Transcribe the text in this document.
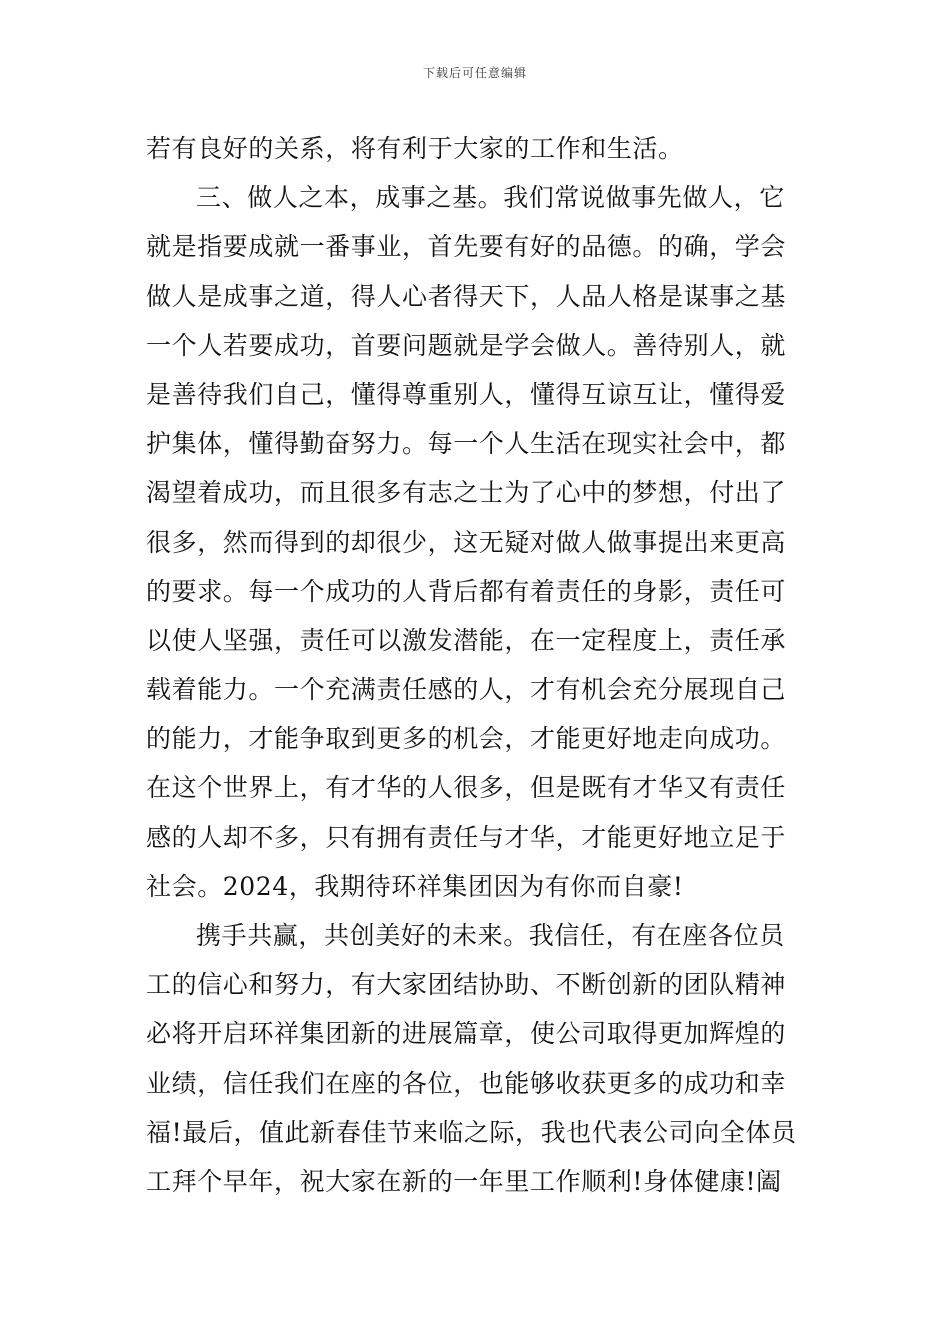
下载后可任意编辑
若有良好的关系，将有利于大家的工作和生活。
三、做人之本，成事之基。我们常说做事先做人，它
就是指要成就一番事业，首先要有好的品德。的确，学会
做人是成事之道，得人心者得天下，人品人格是谋事之基
一个人若要成功，首要问题就是学会做人。善待别人，就
是善待我们自己，懂得尊重别人，懂得互谅互让，懂得爱
护集体，懂得勤奋努力。每一个人生活在现实社会中，都
渴望着成功，而且很多有志之士为了心中的梦想，付出了
很多，然而得到的却很少，这无疑对做人做事提出来更高
的要求。每一个成功的人背后都有着责任的身影，责任可
以使人坚强，责任可以激发潜能，在一定程度上，责任承
载着能力。一个充满责任感的人，才有机会充分展现自己
的能力，才能争取到更多的机会，才能更好地走向成功。
在这个世界上，有才华的人很多，但是既有才华又有责任
感的人却不多，只有拥有责任与才华，才能更好地立足于
社会。2024，我期待环祥集团因为有你而自豪!
携手共赢，共创美好的未来。我信任，有在座各位员
工的信心和努力，有大家团结协助、不断创新的团队精神
必将开启环祥集团新的进展篇章，使公司取得更加辉煌的
业绩，信任我们在座的各位，也能够收获更多的成功和幸
福!最后，值此新春佳节来临之际，我也代表公司向全体员
工拜个早年，祝大家在新的一年里工作顺利!身体健康!阖
